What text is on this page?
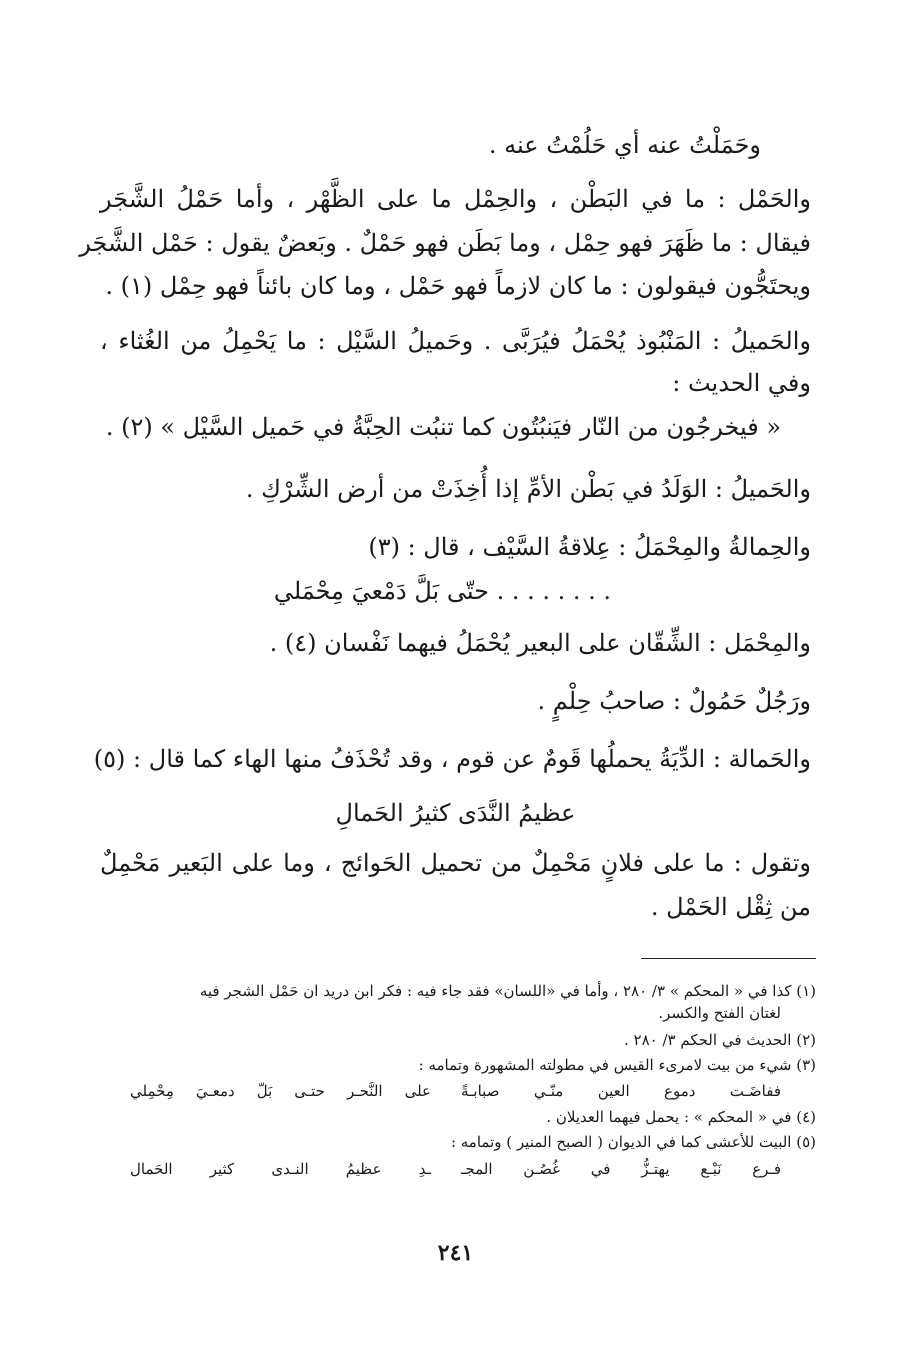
وحَمَلْتُ عنه أي حَلُمْتُ عنه .
والحَمْل : ما في البَطْن ، والحِمْل ما على الظَّهْر ، وأما حَمْلُ الشَّجَر
فيقال : ما ظَهَرَ فهو حِمْل ، وما بَطَن فهو حَمْلٌ . وبَعضٌ يقول : حَمْل الشَّجَر
ويحتَجُّون فيقولون : ما كان لازماً فهو حَمْل ، وما كان بائناً فهو حِمْل (١) .
والحَميلُ : المَنْبُوذ يُحْمَلُ فيُرَبَّى . وحَميلُ السَّيْل : ما يَحْمِلُ من الغُثاء ،
وفي الحديث :
« فيخرجُون من النّار فيَنبُتُون كما تنبُت الحِبَّةُ في حَميل السَّيْل » (٢) .
والحَميلُ : الوَلَدُ في بَطْن الأمِّ إذا أُخِذَتْ من أرض الشِّرْكِ .
والحِمالةُ والمِحْمَلُ : عِلاقةُ السَّيْف ، قال : (٣)
. . . . . . . . حتّى بَلَّ دَمْعيَ مِحْمَلي
والمِحْمَل : الشِّقّان على البعير يُحْمَلُ فيهما نَفْسان (٤) .
ورَجُلٌ حَمُولٌ : صاحبُ حِلْمٍ .
والحَمالة : الدِّيَةُ يحملُها قَومٌ عن قوم ، وقد تُحْذَفُ منها الهاء كما قال : (٥)
عظيمُ النَّدَى كثيرُ الحَمالِ
وتقول : ما على فلانٍ مَحْمِلٌ من تحميل الحَوائج ، وما على البَعير مَحْمِلٌ
من ثِقْل الحَمْل .
(١) كذا في « المحكم » ٣/ ٢٨٠ ، وأما في «اللسان» فقد جاء فيه : فكر ابن دريد ان حَمْل الشجر فيه
لغتان الفتح والكسر.
(٢) الحديث في الحكم ٣/ ٢٨٠ .
(٣) شيء من بيت لامرىء القيس في مطولته المشهورة وتمامه :
ففاضَـت دموع العين منّـي صبابـةً
على النَّحـر حتـى بَلّ دمعـيَ مِحْمِلي
(٤) في « المحكم » : يحمل فيهما العديلان .
(٥) البيت للأعشى كما في الديوان ( الصبح المنير ) وتمامه :
فـرع نَبْـع يهتـزُّ في غُصُـن المجـ
ـدِ عظيمُ النـدى كثير الحَمال
٢٤١
